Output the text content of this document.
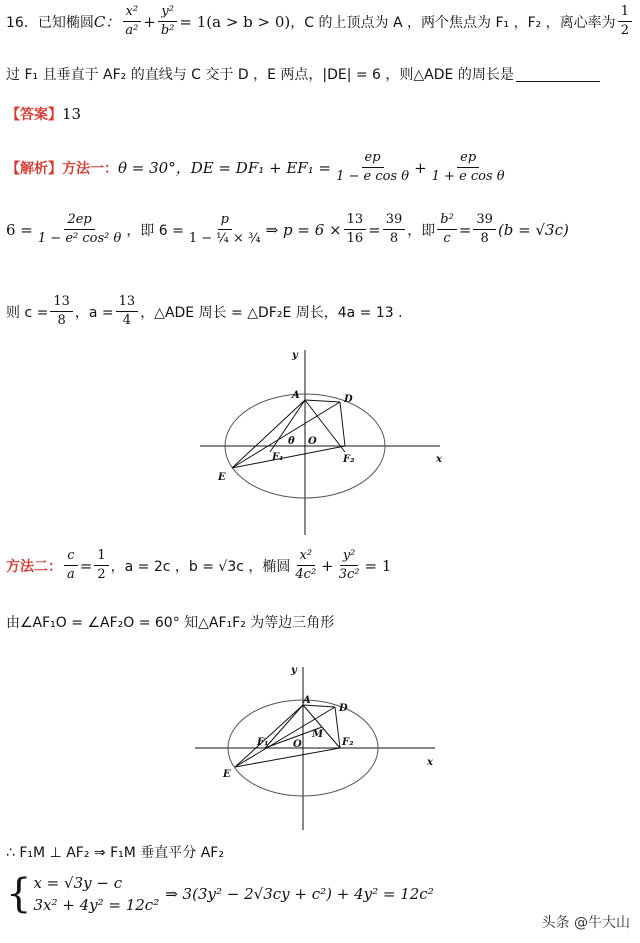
16．已知椭圆 C： $\frac{\text{x²}}{\text{a²}} + \frac{\text{y²}}{\text{b²}} = 1(a > b > 0)$ ，C 的上顶点为 A ，两个焦点为 F₁ ，F₂ ，离心率为 $\frac{1}{2}$
过 F₁ 且垂直于 AF₂ 的直线与 C 交于 D ，E 两点，|DE| = 6 ，则△ADE 的周长是
【答案】 13
【解析】方法一： θ = 30°，DE = $DF_1 + EF_1 = \frac{ep}{\text{1 − e cos θ}} + \frac{ep}{\text{1 + e cos θ}}$
$6 = \frac{2ep}{\text{1 − e² cos² θ}}$ ，即 $6 = \frac{p}{\text{1 − ¼ × ¾}}$ ⇒ $p = 6 \times \frac{13}{16} = \frac{39}{8}$ ，即 $\frac{\text{b²}}{c} = \frac{39}{8} (b = √3c)$
则 $c = \frac{13}{8}$ ，$a = \frac{13}{4}$ ，△ADE 周长 = △DF₂E 周长，4a = 13 .
y
x
A	D
E
O
F₁	F₂
θ
方法二： $\frac{c}{a} = \frac{1}{2}$ ，a = 2c ，b = √3c ，椭圆 $\frac{\text{x²}}{\text{4c²}} + \frac{\text{y²}}{\text{3c²}} = 1$
由∠AF₁O = ∠AF₂O = 60° 知△AF₁F₂ 为等边三角形
y
x
A
D
E
O
M
F₁	F₂
∴ F₁M ⊥ AF₂ ⇒ F₁M 垂直平分 AF₂
{ x = √3y − c
3x² + 4y² = 12c²
⇒ 3(3y² − 2√3cy + c²) + 4y² = 12c²
头条 @牛大山
